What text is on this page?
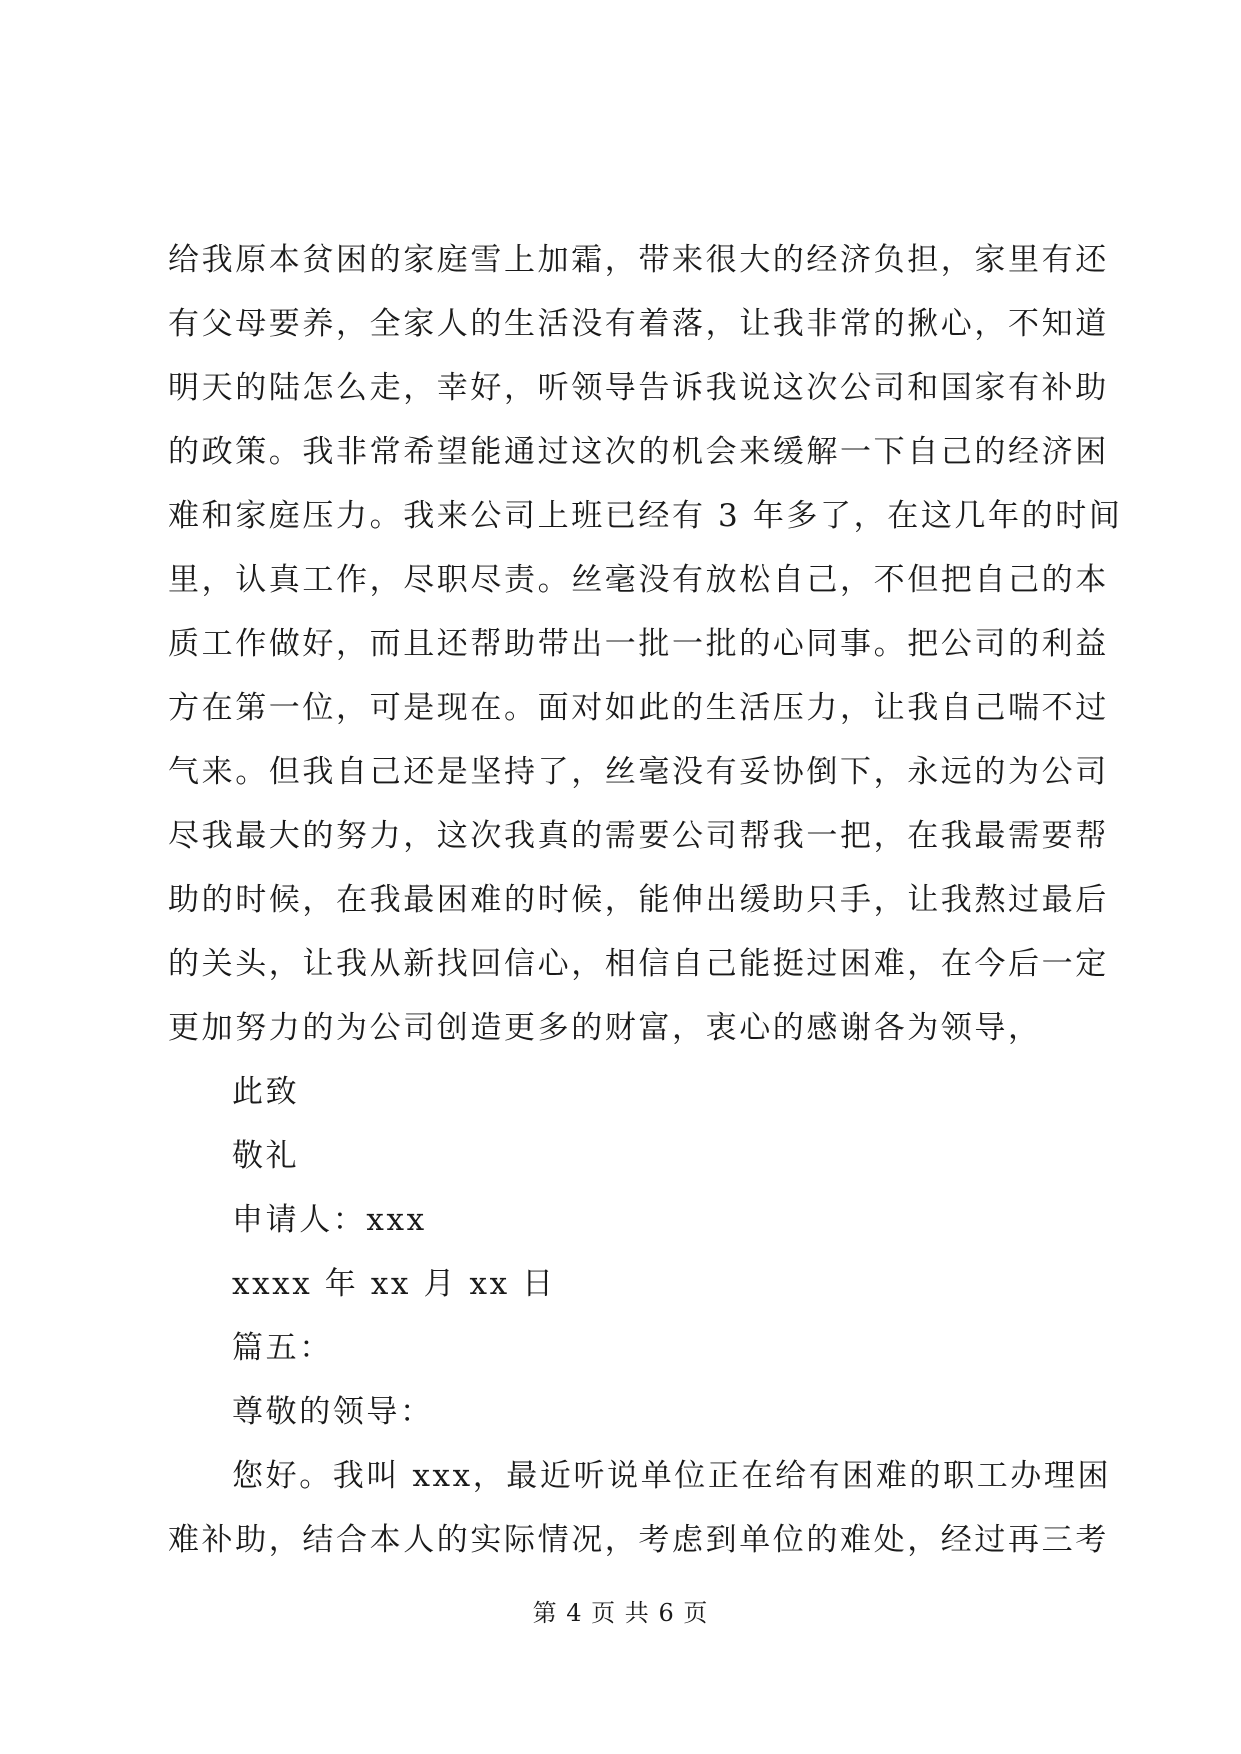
给我原本贫困的家庭雪上加霜，带来很大的经济负担，家里有还
有父母要养，全家人的生活没有着落，让我非常的揪心，不知道
明天的陆怎么走，幸好，听领导告诉我说这次公司和国家有补助
的政策。我非常希望能通过这次的机会来缓解一下自己的经济困
难和家庭压力。我来公司上班已经有 3 年多了，在这几年的时间
里，认真工作，尽职尽责。丝毫没有放松自己，不但把自己的本
质工作做好，而且还帮助带出一批一批的心同事。把公司的利益
方在第一位，可是现在。面对如此的生活压力，让我自己喘不过
气来。但我自己还是坚持了，丝毫没有妥协倒下，永远的为公司
尽我最大的努力，这次我真的需要公司帮我一把，在我最需要帮
助的时候，在我最困难的时候，能伸出缓助只手，让我熬过最后
的关头，让我从新找回信心，相信自己能挺过困难，在今后一定
更加努力的为公司创造更多的财富，衷心的感谢各为领导，
此致
敬礼
申请人：xxx
xxxx 年 xx 月 xx 日
篇五：
尊敬的领导：
您好。我叫 xxx，最近听说单位正在给有困难的职工办理困
难补助，结合本人的实际情况，考虑到单位的难处，经过再三考
第 4 页 共 6 页
